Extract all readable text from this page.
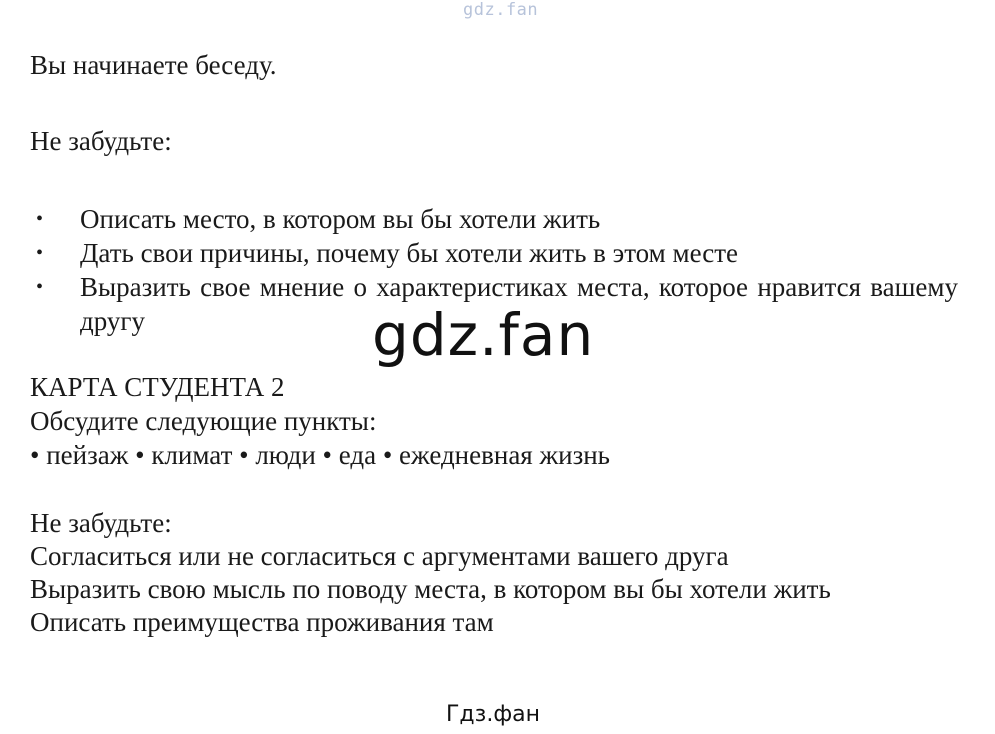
gdz.fan
Вы начинаете беседу.
Не забудьте:
• Описать место, в котором вы бы хотели жить
• Дать свои причины, почему бы хотели жить в этом месте
• Выразить свое мнение о характеристиках места, которое нравится вашему другу	gdz.fan
КАРТА СТУДЕНТА 2
Обсудите следующие пункты:
• пейзаж • климат • люди • еда • ежедневная жизнь
Не забудьте:
Согласиться или не согласиться с аргументами вашего друга
Выразить свою мысль по поводу места, в котором вы бы хотели жить
Описать преимущества проживания там
Гдз.фан
